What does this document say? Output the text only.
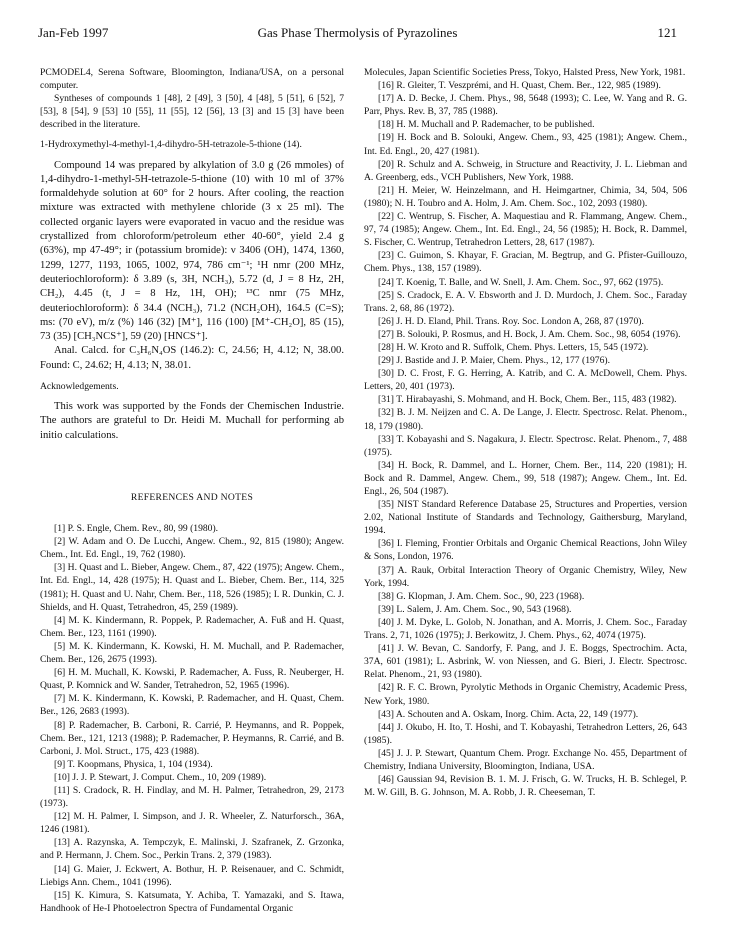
Jan-Feb 1997	Gas Phase Thermolysis of Pyrazolines	121

PCMODEL4, Serena Software, Bloomington, Indiana/USA, on a personal computer.

Syntheses of compounds 1 [48], 2 [49], 3 [50], 4 [48], 5 [51], 6 [52], 7 [53], 8 [54], 9 [53] 10 [55], 11 [55], 12 [56], 13 [3] and 15 [3] have been described in the literature.

1-Hydroxymethyl-4-methyl-1,4-dihydro-5H-tetrazole-5-thione (14).

Compound 14 was prepared by alkylation of 3.0 g (26 mmoles) of 1,4-dihydro-1-methyl-5H-tetrazole-5-thione (10) with 10 ml of 37% formaldehyde solution at 60° for 2 hours. After cooling, the reaction mixture was extracted with methylene chloride (3 x 25 ml). The collected organic layers were evaporated in vacuo and the residue was crystallized from chloroform/petroleum ether 40-60°, yield 2.4 g (63%), mp 47-49°; ir (potassium bromide): ν 3406 (OH), 1474, 1360, 1299, 1277, 1193, 1065, 1002, 974, 786 cm⁻¹; ¹H nmr (200 MHz, deuteriochloroform): δ 3.89 (s, 3H, NCH₃), 5.72 (d, J = 8 Hz, 2H, CH₂), 4.45 (t, J = 8 Hz, 1H, OH); ¹³C nmr (75 MHz, deuteriochloroform): δ 34.4 (NCH₃), 71.2 (NCH₂OH), 164.5 (C=S); ms: (70 eV), m/z (%) 146 (32) [M⁺], 116 (100) [M⁺-CH₂O], 85 (15), 73 (35) [CH₃NCS⁺], 59 (20) [HNCS⁺].

Anal. Calcd. for C₃H₆N₄OS (146.2): C, 24.56; H, 4.12; N, 38.00. Found: C, 24.62; H, 4.13; N, 38.01.

Acknowledgements.

This work was supported by the Fonds der Chemischen Industrie. The authors are grateful to Dr. Heidi M. Muchall for performing ab initio calculations.

REFERENCES AND NOTES

[1] P. S. Engle, Chem. Rev., 80, 99 (1980).

[2] W. Adam and O. De Lucchi, Angew. Chem., 92, 815 (1980); Angew. Chem., Int. Ed. Engl., 19, 762 (1980).

[3] H. Quast and L. Bieber, Angew. Chem., 87, 422 (1975); Angew. Chem., Int. Ed. Engl., 14, 428 (1975); H. Quast and L. Bieber, Chem. Ber., 114, 325 (1981); H. Quast and U. Nahr, Chem. Ber., 118, 526 (1985); I. R. Dunkin, C. J. Shields, and H. Quast, Tetrahedron, 45, 259 (1989).

[4] M. K. Kindermann, R. Poppek, P. Rademacher, A. Fuß and H. Quast, Chem. Ber., 123, 1161 (1990).

[5] M. K. Kindermann, K. Kowski, H. M. Muchall, and P. Rademacher, Chem. Ber., 126, 2675 (1993).

[6] H. M. Muchall, K. Kowski, P. Rademacher, A. Fuss, R. Neuberger, H. Quast, P. Komnick and W. Sander, Tetrahedron, 52, 1965 (1996).

[7] M. K. Kindermann, K. Kowski, P. Rademacher, and H. Quast, Chem. Ber., 126, 2683 (1993).

[8] P. Rademacher, B. Carboni, R. Carrié, P. Heymanns, and R. Poppek, Chem. Ber., 121, 1213 (1988); P. Rademacher, P. Heymanns, R. Carrié, and B. Carboni, J. Mol. Struct., 175, 423 (1988).

[9] T. Koopmans, Physica, 1, 104 (1934).

[10] J. J. P. Stewart, J. Comput. Chem., 10, 209 (1989).

[11] S. Cradock, R. H. Findlay, and M. H. Palmer, Tetrahedron, 29, 2173 (1973).

[12] M. H. Palmer, I. Simpson, and J. R. Wheeler, Z. Naturforsch., 36A, 1246 (1981).

[13] A. Razynska, A. Tempczyk, E. Malinski, J. Szafranek, Z. Grzonka, and P. Hermann, J. Chem. Soc., Perkin Trans. 2, 379 (1983).

[14] G. Maier, J. Eckwert, A. Bothur, H. P. Reisenauer, and C. Schmidt, Liebigs Ann. Chem., 1041 (1996).

[15] K. Kimura, S. Katsumata, Y. Achiba, T. Yamazaki, and S. Itawa, Handhook of He-I Photoelectron Spectra of Fundamental Organic

Molecules, Japan Scientific Societies Press, Tokyo, Halsted Press, New York, 1981.

[16] R. Gleiter, T. Veszprémi, and H. Quast, Chem. Ber., 122, 985 (1989).

[17] A. D. Becke, J. Chem. Phys., 98, 5648 (1993); C. Lee, W. Yang and R. G. Parr, Phys. Rev. B, 37, 785 (1988).

[18] H. M. Muchall and P. Rademacher, to be published.

[19] H. Bock and B. Solouki, Angew. Chem., 93, 425 (1981); Angew. Chem., Int. Ed. Engl., 20, 427 (1981).

[20] R. Schulz and A. Schweig, in Structure and Reactivity, J. L. Liebman and A. Greenberg, eds., VCH Publishers, New York, 1988.

[21] H. Meier, W. Heinzelmann, and H. Heimgartner, Chimia, 34, 504, 506 (1980); N. H. Toubro and A. Holm, J. Am. Chem. Soc., 102, 2093 (1980).

[22] C. Wentrup, S. Fischer, A. Maquestiau and R. Flammang, Angew. Chem., 97, 74 (1985); Angew. Chem., Int. Ed. Engl., 24, 56 (1985); H. Bock, R. Dammel, S. Fischer, C. Wentrup, Tetrahedron Letters, 28, 617 (1987).

[23] C. Guimon, S. Khayar, F. Gracian, M. Begtrup, and G. Pfister-Guillouzo, Chem. Phys., 138, 157 (1989).

[24] T. Koenig, T. Balle, and W. Snell, J. Am. Chem. Soc., 97, 662 (1975).

[25] S. Cradock, E. A. V. Ebsworth and J. D. Murdoch, J. Chem. Soc., Faraday Trans. 2, 68, 86 (1972).

[26] J. H. D. Eland, Phil. Trans. Roy. Soc. London A, 268, 87 (1970).

[27] B. Solouki, P. Rosmus, and H. Bock, J. Am. Chem. Soc., 98, 6054 (1976).

[28] H. W. Kroto and R. Suffolk, Chem. Phys. Letters, 15, 545 (1972).

[29] J. Bastide and J. P. Maier, Chem. Phys., 12, 177 (1976).

[30] D. C. Frost, F. G. Herring, A. Katrib, and C. A. McDowell, Chem. Phys. Letters, 20, 401 (1973).

[31] T. Hirabayashi, S. Mohmand, and H. Bock, Chem. Ber., 115, 483 (1982).

[32] B. J. M. Neijzen and C. A. De Lange, J. Electr. Spectrosc. Relat. Phenom., 18, 179 (1980).

[33] T. Kobayashi and S. Nagakura, J. Electr. Spectrosc. Relat. Phenom., 7, 488 (1975).

[34] H. Bock, R. Dammel, and L. Horner, Chem. Ber., 114, 220 (1981); H. Bock and R. Dammel, Angew. Chem., 99, 518 (1987); Angew. Chem., Int. Ed. Engl., 26, 504 (1987).

[35] NIST Standard Reference Database 25, Structures and Properties, version 2.02, National Institute of Standards and Technology, Gaithersburg, Maryland, 1994.

[36] I. Fleming, Frontier Orbitals and Organic Chemical Reactions, John Wiley & Sons, London, 1976.

[37] A. Rauk, Orbital Interaction Theory of Organic Chemistry, Wiley, New York, 1994.

[38] G. Klopman, J. Am. Chem. Soc., 90, 223 (1968).

[39] L. Salem, J. Am. Chem. Soc., 90, 543 (1968).

[40] J. M. Dyke, L. Golob, N. Jonathan, and A. Morris, J. Chem. Soc., Faraday Trans. 2, 71, 1026 (1975); J. Berkowitz, J. Chem. Phys., 62, 4074 (1975).

[41] J. W. Bevan, C. Sandorfy, F. Pang, and J. E. Boggs, Spectrochim. Acta, 37A, 601 (1981); L. Asbrink, W. von Niessen, and G. Bieri, J. Electr. Spectrosc. Relat. Phenom., 21, 93 (1980).

[42] R. F. C. Brown, Pyrolytic Methods in Organic Chemistry, Academic Press, New York, 1980.

[43] A. Schouten and A. Oskam, Inorg. Chim. Acta, 22, 149 (1977).

[44] J. Okubo, H. Ito, T. Hoshi, and T. Kobayashi, Tetrahedron Letters, 26, 643 (1985).

[45] J. J. P. Stewart, Quantum Chem. Progr. Exchange No. 455, Department of Chemistry, Indiana University, Bloomington, Indiana, USA.

[46] Gaussian 94, Revision B. 1. M. J. Frisch, G. W. Trucks, H. B. Schlegel, P. M. W. Gill, B. G. Johnson, M. A. Robb, J. R. Cheeseman, T.
